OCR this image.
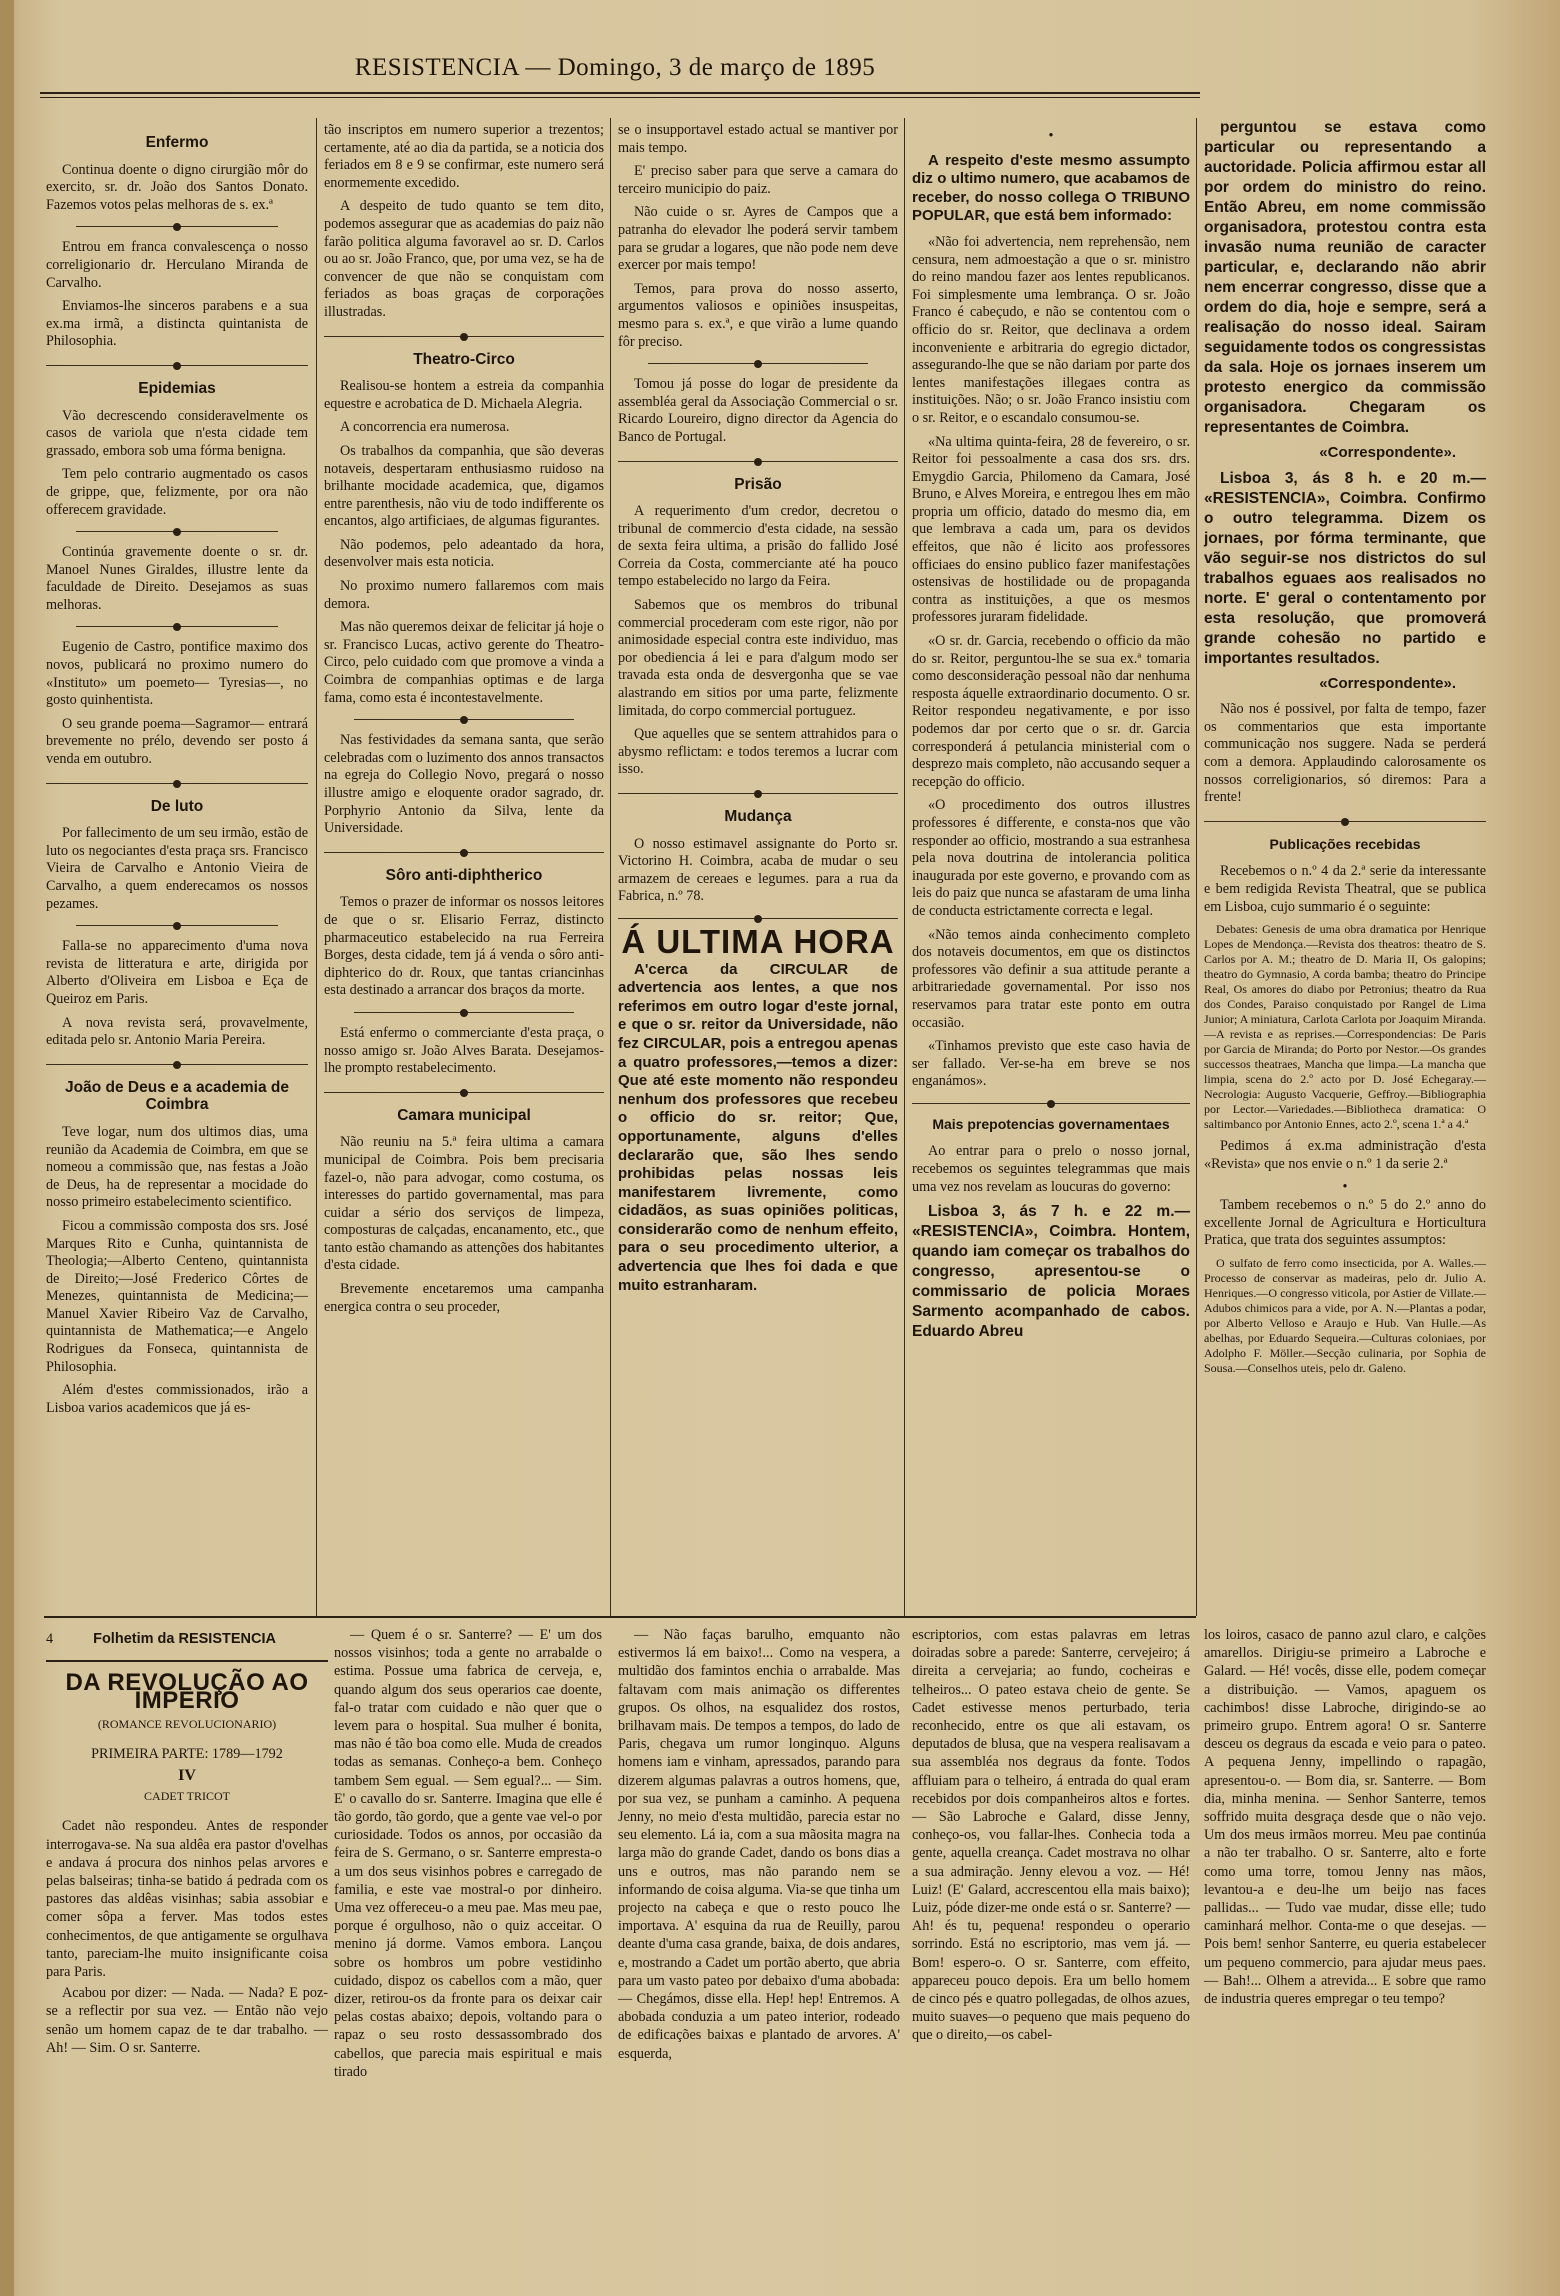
RESISTENCIA — Domingo, 3 de março de 1895
Enfermo

Continua doente o digno cirurgião môr do exercito, sr. dr. João dos Santos Donato. Fazemos votos pelas melhoras de s. ex.ª

Entrou em franca convalescença o nosso correligionario dr. Herculano Miranda de Carvalho.

Enviamos-lhe sinceros parabens e a sua ex.ma irmã, a distincta quintanista de Philosophia.

Epidemias

Vão decrescendo consideravelmente os casos de variola que n'esta cidade tem grassado, embora sob uma fórma benigna.

Tem pelo contrario augmentado os casos de grippe, que, felizmente, por ora não offerecem gravidade.

Continúa gravemente doente o sr. dr. Manoel Nunes Giraldes, illustre lente da faculdade de Direito. Desejamos as suas melhoras.

Eugenio de Castro, pontifice maximo dos novos, publicará no proximo numero do «Instituto» um poemeto— Tyresias—, no gosto quinhentista.

O seu grande poema—Sagramor— entrará brevemente no prélo, devendo ser posto á venda em outubro.

De luto

Por fallecimento de um seu irmão, estão de luto os negociantes d'esta praça srs. Francisco Vieira de Carvalho e Antonio Vieira de Carvalho, a quem enderecamos os nossos pezames.

Falla-se no apparecimento d'uma nova revista de litteratura e arte, dirigida por Alberto d'Oliveira em Lisboa e Eça de Queiroz em Paris.

A nova revista será, provavelmente, editada pelo sr. Antonio Maria Pereira.

João de Deus e a academia de Coimbra

Teve logar, num dos ultimos dias, uma reunião da Academia de Coimbra, em que se nomeou a commissão que, nas festas a João de Deus, ha de representar a mocidade do nosso primeiro estabelecimento scientifico.

Ficou a commissão composta dos srs. José Marques Rito e Cunha, quintannista de Theologia;—Alberto Centeno, quintannista de Direito;—José Frederico Côrtes de Menezes, quintannista de Medicina;—Manuel Xavier Ribeiro Vaz de Carvalho, quintannista de Mathematica;—e Angelo Rodrigues da Fonseca, quintannista de Philosophia.

Além d'estes commissionados, irão a Lisboa varios academicos que já es-

tão inscriptos em numero superior a trezentos; certamente, até ao dia da partida, se a noticia dos feriados em 8 e 9 se confirmar, este numero será enormemente excedido.

A despeito de tudo quanto se tem dito, podemos assegurar que as academias do paiz não farão politica alguma favoravel ao sr. D. Carlos ou ao sr. João Franco, que, por uma vez, se ha de convencer de que não se conquistam com feriados as boas graças de corporações illustradas.

Theatro-Circo

Realisou-se hontem a estreia da companhia equestre e acrobatica de D. Michaela Alegria.

A concorrencia era numerosa.

Os trabalhos da companhia, que são deveras notaveis, despertaram enthusiasmo ruidoso na brilhante mocidade academica, que, digamos entre parenthesis, não viu de todo indifferente os encantos, algo artificiaes, de algumas figurantes.

Não podemos, pelo adeantado da hora, desenvolver mais esta noticia.

No proximo numero fallaremos com mais demora.

Mas não queremos deixar de felicitar já hoje o sr. Francisco Lucas, activo gerente do Theatro-Circo, pelo cuidado com que promove a vinda a Coimbra de companhias optimas e de larga fama, como esta é incontestavelmente.

Nas festividades da semana santa, que serão celebradas com o luzimento dos annos transactos na egreja do Collegio Novo, pregará o nosso illustre amigo e eloquente orador sagrado, dr. Porphyrio Antonio da Silva, lente da Universidade.

Sôro anti-diphtherico

Temos o prazer de informar os nossos leitores de que o sr. Elisario Ferraz, distincto pharmaceutico estabelecido na rua Ferreira Borges, desta cidade, tem já á venda o sôro anti-diphterico do dr. Roux, que tantas criancinhas esta destinado a arrancar dos braços da morte.

Está enfermo o commerciante d'esta praça, o nosso amigo sr. João Alves Barata. Desejamos-lhe prompto restabelecimento.

Camara municipal

Não reuniu na 5.ª feira ultima a camara municipal de Coimbra. Pois bem precisaria fazel-o, não para advogar, como costuma, os interesses do partido governamental, mas para cuidar a sério dos serviços de limpeza, composturas de calçadas, encanamento, etc., que tanto estão chamando as attenções dos habitantes d'esta cidade.

Brevemente encetaremos uma campanha energica contra o seu proceder,

se o insupportavel estado actual se mantiver por mais tempo.

E' preciso saber para que serve a camara do terceiro municipio do paiz.

Não cuide o sr. Ayres de Campos que a patranha do elevador lhe poderá servir tambem para se grudar a logares, que não pode nem deve exercer por mais tempo!

Temos, para prova do nosso asserto, argumentos valiosos e opiniões insuspeitas, mesmo para s. ex.ª, e que virão a lume quando fôr preciso.

Tomou já posse do logar de presidente da assembléa geral da Associação Commercial o sr. Ricardo Loureiro, digno director da Agencia do Banco de Portugal.

Prisão

A requerimento d'um credor, decretou o tribunal de commercio d'esta cidade, na sessão de sexta feira ultima, a prisão do fallido José Correia da Costa, commerciante até ha pouco tempo estabelecido no largo da Feira.

Sabemos que os membros do tribunal commercial procederam com este rigor, não por animosidade especial contra este individuo, mas por obediencia á lei e para d'algum modo ser travada esta onda de desvergonha que se vae alastrando em sitios por uma parte, felizmente limitada, do corpo commercial portuguez.

Que aquelles que se sentem attrahidos para o abysmo reflictam: e todos teremos a lucrar com isso.

Mudança

O nosso estimavel assignante do Porto sr. Victorino H. Coimbra, acaba de mudar o seu armazem de cereaes e legumes. para a rua da Fabrica, n.º 78.

Á ULTIMA HORA

A'cerca da CIRCULAR de advertencia aos lentes, a que nos referimos em outro logar d'este jornal, e que o sr. reitor da Universidade, não fez CIRCULAR, pois a entregou apenas a quatro professores,—temos a dizer: Que até este momento não respondeu nenhum dos professores que recebeu o officio do sr. reitor; Que, opportunamente, alguns d'elles declararão que, são lhes sendo prohibidas pelas nossas leis manifestarem livremente, como cidadãos, as suas opiniões politicas, considerarão como de nenhum effeito, para o seu procedimento ulterior, a advertencia que lhes foi dada e que muito estranharam.

•

A respeito d'este mesmo assumpto diz o ultimo numero, que acabamos de receber, do nosso collega O TRIBUNO POPULAR, que está bem informado:

«Não foi advertencia, nem reprehensão, nem censura, nem admoestação a que o sr. ministro do reino mandou fazer aos lentes republicanos. Foi simplesmente uma lembrança. O sr. João Franco é cabeçudo, e não se contentou com o officio do sr. Reitor, que declinava a ordem inconveniente e arbitraria do egregio dictador, assegurando-lhe que se não dariam por parte dos lentes manifestações illegaes contra as instituições. Não; o sr. João Franco insistiu com o sr. Reitor, e o escandalo consumou-se.

«Na ultima quinta-feira, 28 de fevereiro, o sr. Reitor foi pessoalmente a casa dos srs. drs. Emygdio Garcia, Philomeno da Camara, José Bruno, e Alves Moreira, e entregou lhes em mão propria um officio, datado do mesmo dia, em que lembrava a cada um, para os devidos effeitos, que não é licito aos professores officiaes do ensino publico fazer manifestações ostensivas de hostilidade ou de propaganda contra as instituições, a que os mesmos professores juraram fidelidade.

«O sr. dr. Garcia, recebendo o officio da mão do sr. Reitor, perguntou-lhe se sua ex.ª tomaria como desconsideração pessoal não dar nenhuma resposta áquelle extraordinario documento. O sr. Reitor respondeu negativamente, e por isso podemos dar por certo que o sr. dr. Garcia corresponderá á petulancia ministerial com o desprezo mais completo, não accusando sequer a recepção do officio.

«O procedimento dos outros illustres professores é differente, e consta-nos que vão responder ao officio, mostrando a sua estranhesa pela nova doutrina de intolerancia politica inaugurada por este governo, e provando com as leis do paiz que nunca se afastaram de uma linha de conducta estrictamente correcta e legal.

«Não temos ainda conhecimento completo dos notaveis documentos, em que os distinctos professores vão definir a sua attitude perante a arbitrariedade governamental. Por isso nos reservamos para tratar este ponto em outra occasião.

«Tinhamos previsto que este caso havia de ser fallado. Ver-se-ha em breve se nos enganámos».

Mais prepotencias governamentaes

Ao entrar para o prelo o nosso jornal, recebemos os seguintes telegrammas que mais uma vez nos revelam as loucuras do governo:

Lisboa 3, ás 7 h. e 22 m.— «RESISTENCIA», Coimbra. Hontem, quando iam começar os trabalhos do congresso, apresentou-se o commissario de policia Moraes Sarmento acompanhado de cabos. Eduardo Abreu

perguntou se estava como particular ou representando a auctoridade. Policia affirmou estar all por ordem do ministro do reino. Então Abreu, em nome commissão organisadora, protestou contra esta invasão numa reunião de caracter particular, e, declarando não abrir nem encerrar congresso, disse que a ordem do dia, hoje e sempre, será a realisação do nosso ideal. Sairam seguidamente todos os congressistas da sala. Hoje os jornaes inserem um protesto energico da commissão organisadora. Chegaram os representantes de Coimbra.

«Correspondente».

Lisboa 3, ás 8 h. e 20 m.— «RESISTENCIA», Coimbra. Confirmo o outro telegramma. Dizem os jornaes, por fórma terminante, que vão seguir-se nos districtos do sul trabalhos eguaes aos realisados no norte. E' geral o contentamento por esta resolução, que promoverá grande cohesão no partido e importantes resultados.

«Correspondente».

Não nos é possivel, por falta de tempo, fazer os commentarios que esta importante communicação nos suggere. Nada se perderá com a demora. Applaudindo calorosamente os nossos correligionarios, só diremos: Para a frente!

Publicações recebidas

Recebemos o n.º 4 da 2.ª serie da interessante e bem redigida Revista Theatral, que se publica em Lisboa, cujo summario é o seguinte:

Debates: Genesis de uma obra dramatica por Henrique Lopes de Mendonça.—Revista dos theatros: theatro de S. Carlos por A. M.; theatro de D. Maria II, Os galopins; theatro do Gymnasio, A corda bamba; theatro do Principe Real, Os amores do diabo por Petronius; theatro da Rua dos Condes, Paraiso conquistado por Rangel de Lima Junior; A miniatura, Carlota Carlota por Joaquim Miranda.—A revista e as reprises.—Correspondencias: De Paris por Garcia de Miranda; do Porto por Nestor.—Os grandes successos theatraes, Mancha que limpa.—La mancha que limpia, scena do 2.º acto por D. José Echegaray.—Necrologia: Augusto Vacquerie, Geffroy.—Bibliographia por Lector.—Variedades.—Bibliotheca dramatica: O saltimbanco por Antonio Ennes, acto 2.º, scena 1.ª a 4.ª

Pedimos á ex.ma administração d'esta «Revista» que nos envie o n.º 1 da serie 2.ª

•

Tambem recebemos o n.º 5 do 2.º anno do excellente Jornal de Agricultura e Horticultura Pratica, que trata dos seguintes assumptos:

O sulfato de ferro como insecticida, por A. Walles.—Processo de conservar as madeiras, pelo dr. Julio A. Henriques.—O congresso viticola, por Astier de Villate.—Adubos chimicos para a vide, por A. N.—Plantas a podar, por Alberto Velloso e Araujo e Hub. Van Hulle.—As abelhas, por Eduardo Sequeira.—Culturas coloniaes, por Adolpho F. Möller.—Secção culinaria, por Sophia de Sousa.—Conselhos uteis, pelo dr. Galeno.

4	Folhetim da RESISTENCIA
DA REVOLUÇÃO AO IMPERIO
(ROMANCE REVOLUCIONARIO)
PRIMEIRA PARTE: 1789—1792
IV
CADET TRICOT

Cadet não respondeu. Antes de responder interrogava-se. Na sua aldêa era pastor d'ovelhas e andava á procura dos ninhos pelas arvores e pelas balseiras; tinha-se batido á pedrada com os pastores das aldêas visinhas; sabia assobiar e comer sôpa a ferver. Mas todos estes conhecimentos, de que antigamente se orgulhava tanto, pareciam-lhe muito insignificante coisa para Paris.

Acabou por dizer: — Nada. — Nada? E poz-se a reflectir por sua vez. — Então não vejo senão um homem capaz de te dar trabalho. — Ah! — Sim. O sr. Santerre.

— Quem é o sr. Santerre? — E' um dos nossos visinhos; toda a gente no arrabalde o estima. Possue uma fabrica de cerveja, e, quando algum dos seus operarios cae doente, fal-o tratar com cuidado e não quer que o levem para o hospital. Sua mulher é bonita, mas não é tão boa como elle. Muda de creados todas as semanas. Conheço-a bem. Conheço tambem Sem egual. — Sem egual?... — Sim. E' o cavallo do sr. Santerre. Imagina que elle é tão gordo, tão gordo, que a gente vae vel-o por curiosidade. Todos os annos, por occasião da feira de S. Germano, o sr. Santerre empresta-o a um dos seus visinhos pobres e carregado de familia, e este vae mostral-o por dinheiro. Uma vez offereceu-o a meu pae. Mas meu pae, porque é orgulhoso, não o quiz acceitar. O menino já dorme. Vamos embora. Lançou sobre os hombros um pobre vestidinho cuidado, dispoz os cabellos com a mão, quer dizer, retirou-os da fronte para os deixar cair pelas costas abaixo; depois, voltando para o rapaz o seu rosto dessassombrado dos cabellos, que parecia mais espiritual e mais tirado

— Não faças barulho, emquanto não estivermos lá em baixo!... Como na vespera, a multidão dos famintos enchia o arrabalde. Mas faltavam com mais animação os differentes grupos. Os olhos, na esqualidez dos rostos, brilhavam mais. De tempos a tempos, do lado de Paris, chegava um rumor longinquo. Alguns homens iam e vinham, apressados, parando para dizerem algumas palavras a outros homens, que, por sua vez, se punham a caminho. A pequena Jenny, no meio d'esta multidão, parecia estar no seu elemento. Lá ia, com a sua mãosita magra na larga mão do grande Cadet, dando os bons dias a uns e outros, mas não parando nem se informando de coisa alguma. Via-se que tinha um projecto na cabeça e que o resto pouco lhe importava. A' esquina da rua de Reuilly, parou deante d'uma casa grande, baixa, de dois andares, e, mostrando a Cadet um portão aberto, que abria para um vasto pateo por debaixo d'uma abobada: — Chegámos, disse ella. Hep! hep! Entremos. A abobada conduzia a um pateo interior, rodeado de edificações baixas e plantado de arvores. A' esquerda,

escriptorios, com estas palavras em letras doiradas sobre a parede: Santerre, cervejeiro; á direita a cervejaria; ao fundo, cocheiras e telheiros... O pateo estava cheio de gente. Se Cadet estivesse menos perturbado, teria reconhecido, entre os que ali estavam, os deputados de blusa, que na vespera realisavam a sua assembléa nos degraus da fonte. Todos affluiam para o telheiro, á entrada do qual eram recebidos por dois companheiros altos e fortes. — São Labroche e Galard, disse Jenny, conheço-os, vou fallar-lhes. Conhecia toda a gente, aquella creança. Cadet mostrava no olhar a sua admiração. Jenny elevou a voz. — Hé! Luiz! (E' Galard, accrescentou ella mais baixo); Luiz, póde dizer-me onde está o sr. Santerre? — Ah! és tu, pequena! respondeu o operario sorrindo. Está no escriptorio, mas vem já. — Bom! espero-o. O sr. Santerre, com effeito, appareceu pouco depois. Era um bello homem de cinco pés e quatro pollegadas, de olhos azues, muito suaves—o pequeno que mais pequeno do que o direito,—os cabel-

los loiros, casaco de panno azul claro, e calções amarellos. Dirigiu-se primeiro a Labroche e Galard. — Hé! vocês, disse elle, podem começar a distribuição. — Vamos, apaguem os cachimbos! disse Labroche, dirigindo-se ao primeiro grupo. Entrem agora! O sr. Santerre desceu os degraus da escada e veio para o pateo. A pequena Jenny, impellindo o rapagão, apresentou-o. — Bom dia, sr. Santerre. — Bom dia, minha menina. — Senhor Santerre, temos soffrido muita desgraça desde que o não vejo. Um dos meus irmãos morreu. Meu pae continúa a não ter trabalho. O sr. Santerre, alto e forte como uma torre, tomou Jenny nas mãos, levantou-a e deu-lhe um beijo nas faces pallidas... — Tudo vae mudar, disse elle; tudo caminhará melhor. Conta-me o que desejas. — Pois bem! senhor Santerre, eu queria estabelecer um pequeno commercio, para ajudar meus paes. — Bah!... Olhem a atrevida... E sobre que ramo de industria queres empregar o teu tempo?
